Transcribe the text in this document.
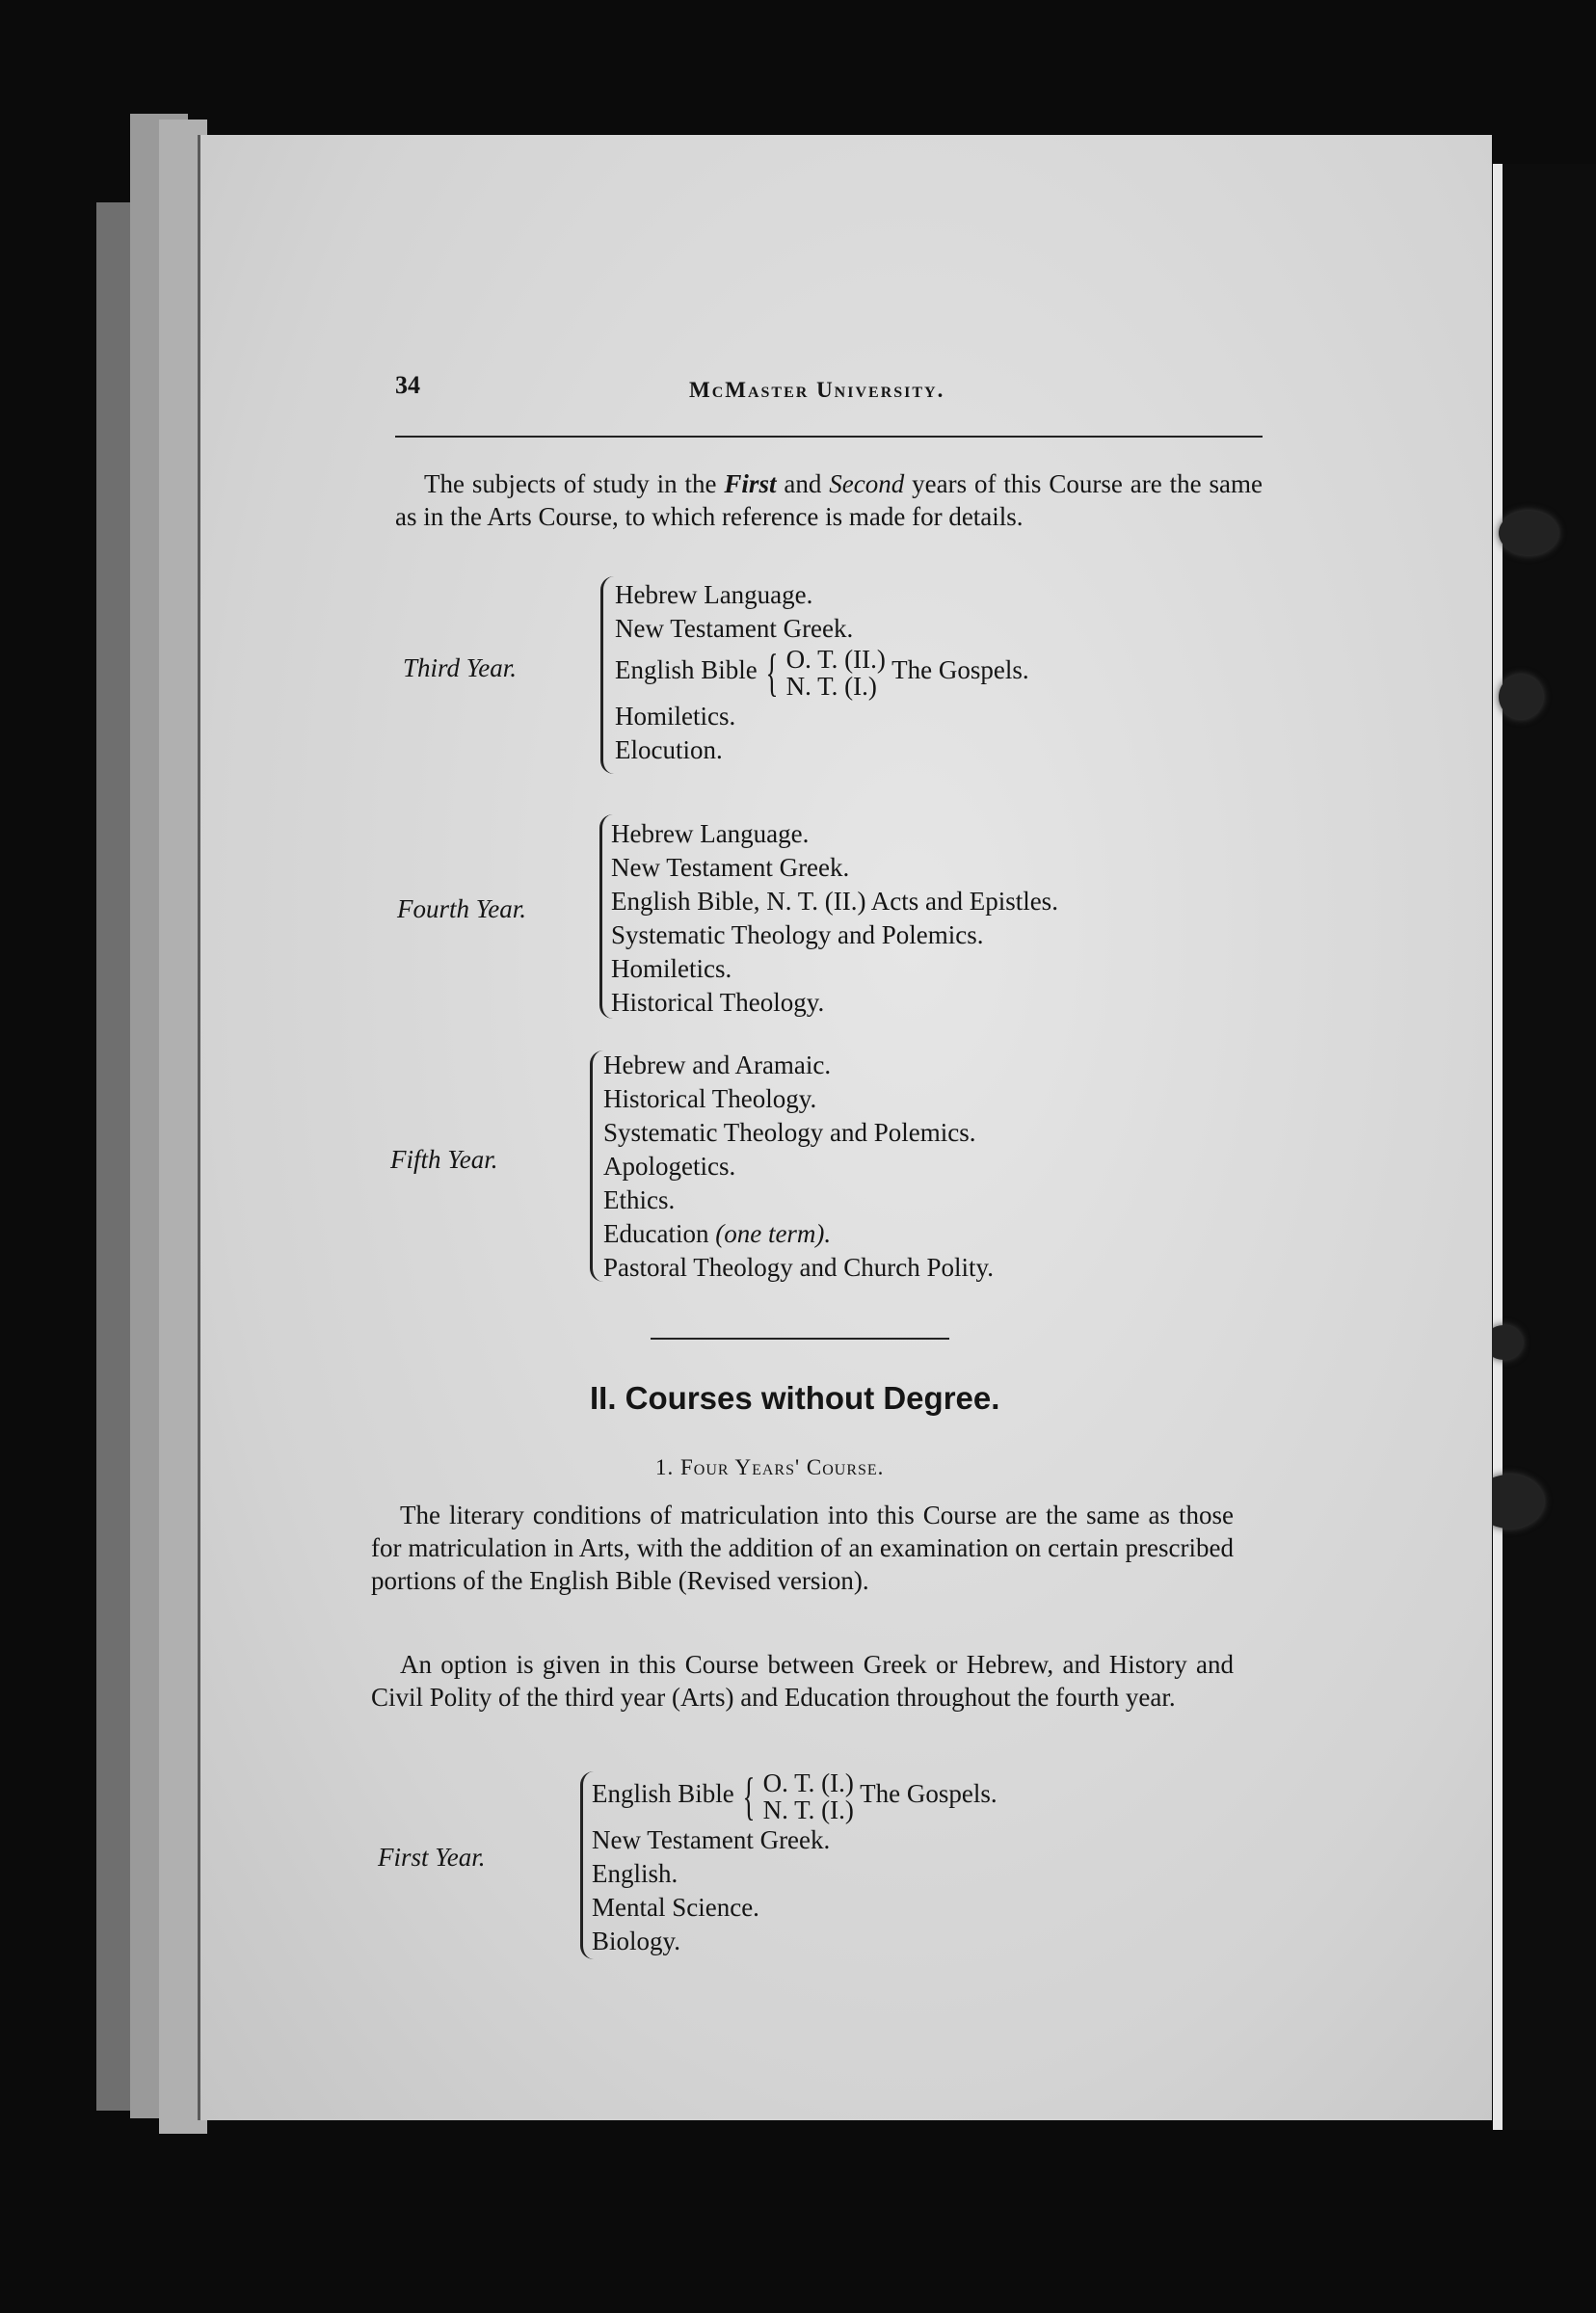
34	McMaster University.
The subjects of study in the First and Second years of this Course are the same as in the Arts Course, to which reference is made for details.
Third Year.
Hebrew Language.
New Testament Greek.
English Bible { O. T. (II.)
N. T. (I.) The Gospels.
Homiletics.
Elocution.
Fourth Year.
Hebrew Language.
New Testament Greek.
English Bible, N. T. (II.) Acts and Epistles.
Systematic Theology and Polemics.
Homiletics.
Historical Theology.
Fifth Year.
Hebrew and Aramaic.
Historical Theology.
Systematic Theology and Polemics.
Apologetics.
Ethics.
Education (one term).
Pastoral Theology and Church Polity.
II. Courses without Degree.
1. Four Years' Course.
The literary conditions of matriculation into this Course are the same as those for matriculation in Arts, with the addition of an examination on certain prescribed portions of the English Bible (Revised version).
An option is given in this Course between Greek or Hebrew, and History and Civil Polity of the third year (Arts) and Education throughout the fourth year.
First Year.
English Bible { O. T. (I.)
N. T. (I.) The Gospels.
New Testament Greek.
English.
Mental Science.
Biology.
